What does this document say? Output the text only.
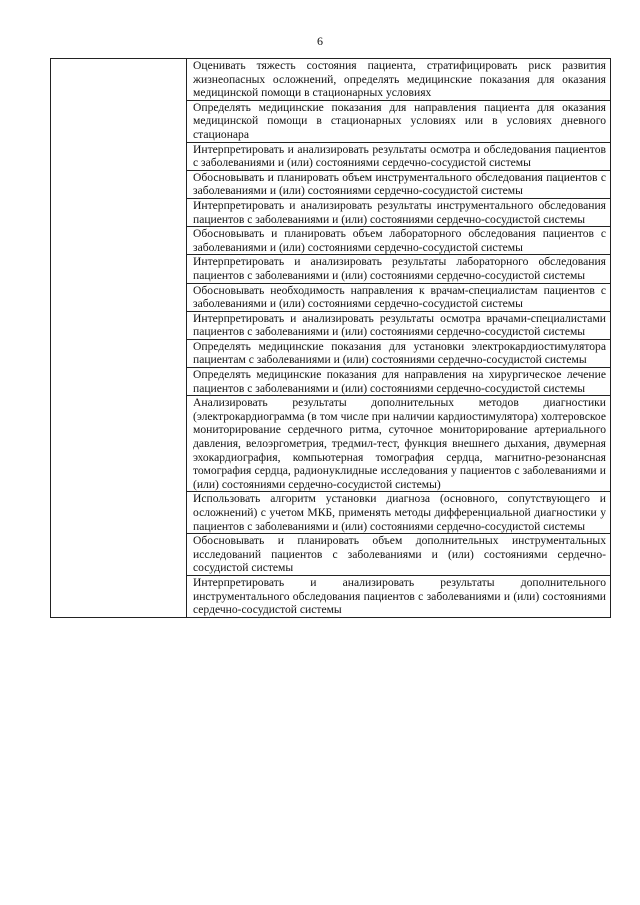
6
	Оценивать тяжесть состояния пациента, стратифицировать риск развития жизнеопасных осложнений, определять медицинские показания для оказания медицинской помощи в стационарных условиях
Определять медицинские показания для направления пациента для оказания медицинской помощи в стационарных условиях или в условиях дневного стационара
Интерпретировать и анализировать результаты осмотра и обследования пациентов с заболеваниями и (или) состояниями сердечно-сосудистой системы
Обосновывать и планировать объем инструментального обследования пациентов с заболеваниями и (или) состояниями сердечно-сосудистой системы
Интерпретировать и анализировать результаты инструментального обследования пациентов с заболеваниями и (или) состояниями сердечно-сосудистой системы
Обосновывать и планировать объем лабораторного обследования пациентов с заболеваниями и (или) состояниями сердечно-сосудистой системы
Интерпретировать и анализировать результаты лабораторного обследования пациентов с заболеваниями и (или) состояниями сердечно-сосудистой системы
Обосновывать необходимость направления к врачам-специалистам пациентов с заболеваниями и (или) состояниями сердечно-сосудистой системы
Интерпретировать и анализировать результаты осмотра врачами-специалистами пациентов с заболеваниями и (или) состояниями сердечно-сосудистой системы
Определять медицинские показания для установки электрокардиостимулятора пациентам с заболеваниями и (или) состояниями сердечно-сосудистой системы
Определять медицинские показания для направления на хирургическое лечение пациентов с заболеваниями и (или) состояниями сердечно-сосудистой системы
Анализировать результаты дополнительных методов диагностики (электрокардиограмма (в том числе при наличии кардиостимулятора) холтеровское мониторирование сердечного ритма, суточное мониторирование артериального давления, велоэргометрия, тредмил-тест, функция внешнего дыхания, двумерная эхокардиография, компьютерная томография сердца, магнитно-резонансная томография сердца, радионуклидные исследования у пациентов с заболеваниями и (или) состояниями сердечно-сосудистой системы)
Использовать алгоритм установки диагноза (основного, сопутствующего и осложнений) с учетом МКБ, применять методы дифференциальной диагностики у пациентов с заболеваниями и (или) состояниями сердечно-сосудистой системы
Обосновывать и планировать объем дополнительных инструментальных исследований пациентов с заболеваниями и (или) состояниями сердечно-сосудистой системы
Интерпретировать и анализировать результаты дополнительного инструментального обследования пациентов с заболеваниями и (или) состояниями сердечно-сосудистой системы
